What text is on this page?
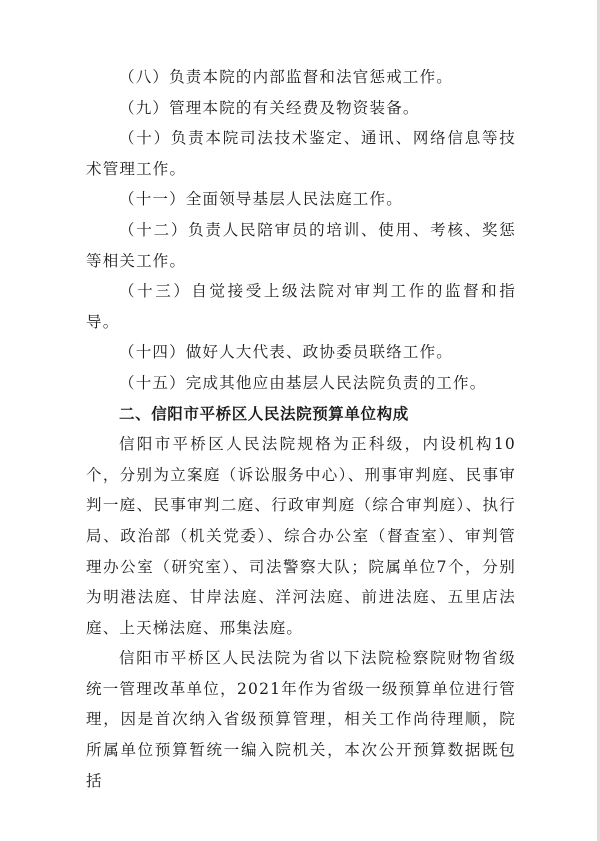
（八）负责本院的内部监督和法官惩戒工作。

（九）管理本院的有关经费及物资装备。

（十）负责本院司法技术鉴定、通讯、网络信息等技术管理工作。

（十一）全面领导基层人民法庭工作。

（十二）负责人民陪审员的培训、使用、考核、奖惩等相关工作。

（十三）自觉接受上级法院对审判工作的监督和指导。

（十四）做好人大代表、政协委员联络工作。

（十五）完成其他应由基层人民法院负责的工作。

二、信阳市平桥区人民法院预算单位构成

信阳市平桥区人民法院规格为正科级，内设机构10个，分别为立案庭（诉讼服务中心）、刑事审判庭、民事审判一庭、民事审判二庭、行政审判庭（综合审判庭）、执行局、政治部（机关党委）、综合办公室（督查室）、审判管理办公室（研究室）、司法警察大队；院属单位7个，分别为明港法庭、甘岸法庭、洋河法庭、前进法庭、五里店法庭、上天梯法庭、邢集法庭。

信阳市平桥区人民法院为省以下法院检察院财物省级统一管理改革单位，2021年作为省级一级预算单位进行管理，因是首次纳入省级预算管理，相关工作尚待理顺，院所属单位预算暂统一编入院机关，本次公开预算数据既包括
